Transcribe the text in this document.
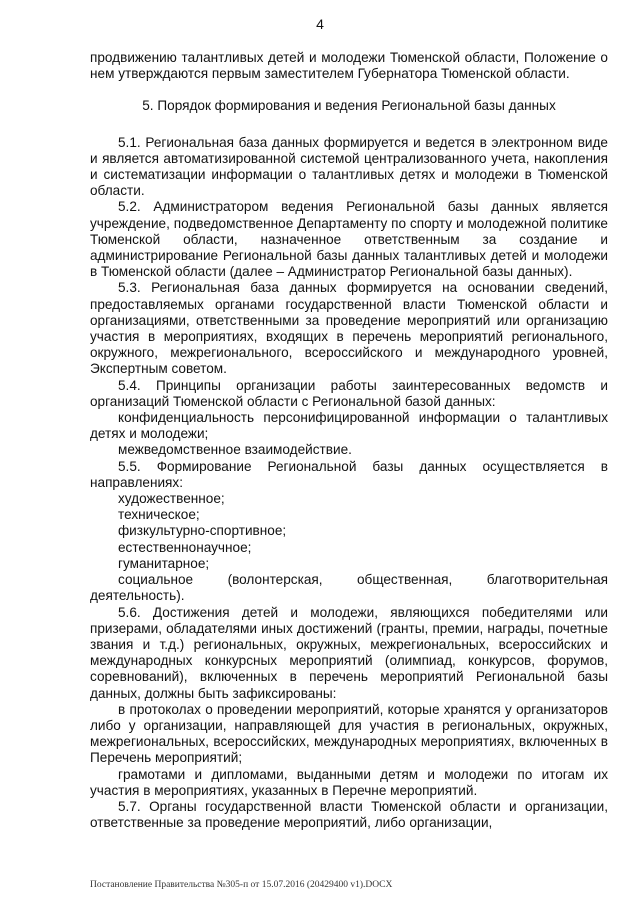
4

продвижению талантливых детей и молодежи Тюменской области, Положение о нем утверждаются первым заместителем Губернатора Тюменской области.

5. Порядок формирования и ведения Региональной базы данных

5.1. Региональная база данных формируется и ведется в электронном виде и является автоматизированной системой централизованного учета, накопления и систематизации информации о талантливых детях и молодежи в Тюменской области.

5.2. Администратором ведения Региональной базы данных является учреждение, подведомственное Департаменту по спорту и молодежной политике Тюменской области, назначенное ответственным за создание и администрирование Региональной базы данных талантливых детей и молодежи в Тюменской области (далее – Администратор Региональной базы данных).

5.3. Региональная база данных формируется на основании сведений, предоставляемых органами государственной власти Тюменской области и организациями, ответственными за проведение мероприятий или организацию участия в мероприятиях, входящих в перечень мероприятий регионального, окружного, межрегионального, всероссийского и международного уровней, Экспертным советом.

5.4. Принципы организации работы заинтересованных ведомств и организаций Тюменской области с Региональной базой данных:

конфиденциальность персонифицированной информации о талантливых детях и молодежи;

межведомственное взаимодействие.

5.5. Формирование Региональной базы данных осуществляется в направлениях:

художественное;

техническое;

физкультурно-спортивное;

естественнонаучное;

гуманитарное;

социальное (волонтерская, общественная, благотворительная деятельность).

5.6. Достижения детей и молодежи, являющихся победителями или призерами, обладателями иных достижений (гранты, премии, награды, почетные звания и т.д.) региональных, окружных, межрегиональных, всероссийских и международных конкурсных мероприятий (олимпиад, конкурсов, форумов, соревнований), включенных в перечень мероприятий Региональной базы данных, должны быть зафиксированы:

в протоколах о проведении мероприятий, которые хранятся у организаторов либо у организации, направляющей для участия в региональных, окружных, межрегиональных, всероссийских, международных мероприятиях, включенных в Перечень мероприятий;

грамотами и дипломами, выданными детям и молодежи по итогам их участия в мероприятиях, указанных в Перечне мероприятий.

5.7. Органы государственной власти Тюменской области и организации, ответственные за проведение мероприятий, либо организации,

Постановление Правительства №305-п от 15.07.2016 (20429400 v1).DOCX
